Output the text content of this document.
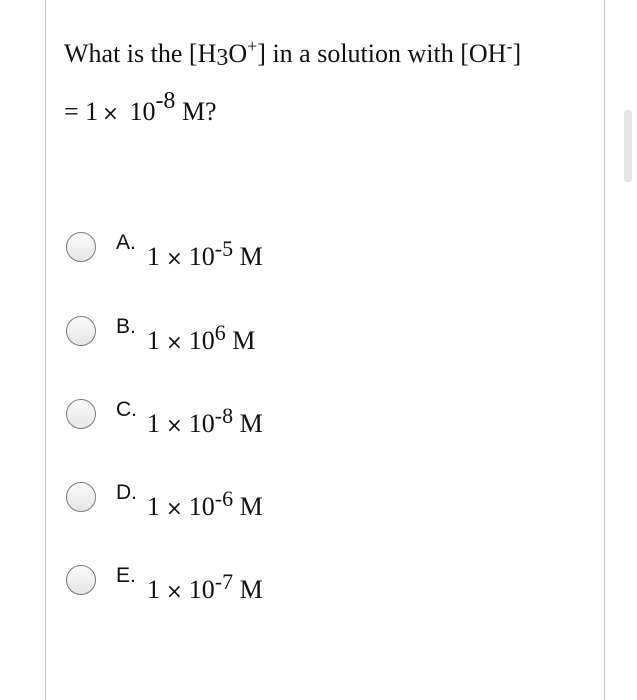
What is the [H3O+] in a solution with [OH-]
= 1 × 10-8 M?
A. $1 \times 10^{-5}$ M
B. $1 \times 10^6$ M
C. $1 \times 10^{-8}$ M
D. $1 \times 10^{-6}$ M
E. $1 \times 10^{-7}$ M
